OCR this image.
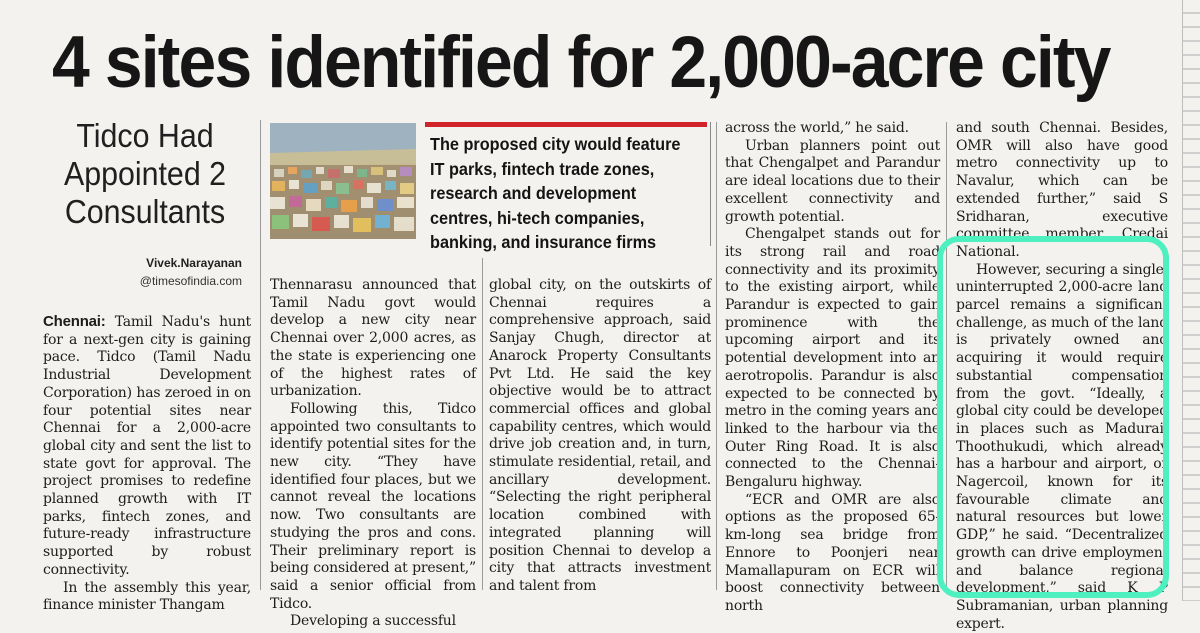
4 sites identified for 2,000-acre city
Tidco Had Appointed 2 Consultants
Vivek.Narayanan
@timesofindia.com
The proposed city would feature IT parks, fintech trade zones, research and development centres, hi-tech companies, banking, and insurance firms

Chennai: Tamil Nadu's hunt for a next-gen city is gaining pace. Tidco (Tamil Nadu Industrial Development Corporation) has zeroed in on four potential sites near Chennai for a 2,000-acre global city and sent the list to state govt for approval. The project promises to redefine planned growth with IT parks, fintech zones, and future-ready infrastructure supported by robust connectivity.

In the assembly this year, finance minister Thangam

Thennarasu announced that Tamil Nadu govt would develop a new city near Chennai over 2,000 acres, as the state is experiencing one of the highest rates of urbanization.

Following this, Tidco appointed two consultants to identify potential sites for the new city. “They have identified four places, but we cannot reveal the locations now. Two consultants are studying the pros and cons. Their preliminary report is being considered at present,” said a senior official from Tidco.

Developing a successful

global city, on the outskirts of Chennai requires a comprehensive approach, said Sanjay Chugh, director at Anarock Property Consultants Pvt Ltd. He said the key objective would be to attract commercial offices and global capability centres, which would drive job creation and, in turn, stimulate residential, retail, and ancillary development. “Selecting the right peripheral location combined with integrated planning will position Chennai to develop a city that attracts investment and talent from

across the world,” he said.

Urban planners point out that Chengalpet and Parandur are ideal locations due to their excellent connectivity and growth potential.

Chengalpet stands out for its strong rail and road connectivity and its proximity to the existing airport, while Parandur is expected to gain prominence with the upcoming airport and its potential development into an aerotropolis. Parandur is also expected to be connected by metro in the coming years and linked to the harbour via the Outer Ring Road. It is also connected to the Chennai-Bengaluru highway.

“ECR and OMR are also options as the proposed 65-km-long sea bridge from Ennore to Poonjeri near Mamallapuram on ECR will boost connectivity between north

and south Chennai. Besides, OMR will also have good metro connectivity up to Navalur, which can be extended further,” said S Sridharan, executive committee member, Credai National.

However, securing a single, uninterrupted 2,000-acre land parcel remains a significant challenge, as much of the land is privately owned and acquiring it would require substantial compensation from the govt. “Ideally, a global city could be developed in places such as Madurai, Thoothukudi, which already has a harbour and airport, or Nagercoil, known for its favourable climate and natural resources but lower GDP,” he said. “Decentralized growth can drive employment and balance regional development,” said K P Subramanian, urban planning expert.
